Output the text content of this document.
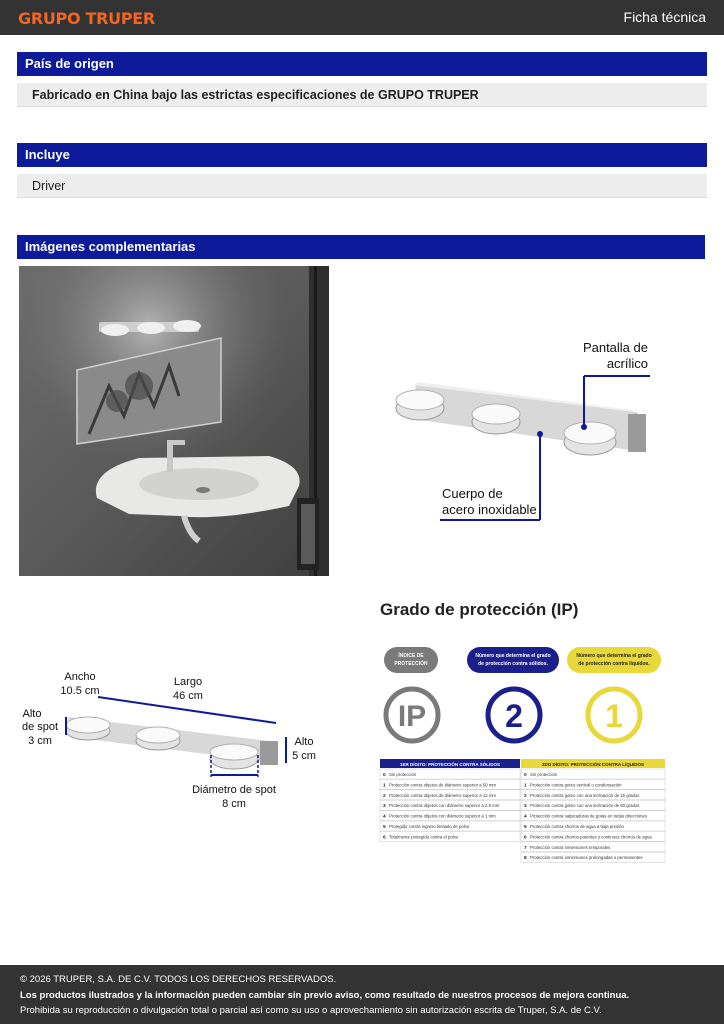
GRUPO TRUPER	Ficha técnica
País de origen
Fabricado en China bajo las estrictas especificaciones de GRUPO TRUPER
Incluye
Driver
Imágenes complementarias
Pantalla de
acrílico
Cuerpo de
acero inoxidable
Ancho
10.5 cm
Largo
46 cm
Alto
de spot
3 cm	Alto
5 cm
Diámetro de spot
8 cm
Grado de protección (IP)
ÍNDICE DE
PROTECCIÓN
Número que determina el grado
de protección contra sólidos.
Número que determina el grado
de protección contra líquidos.
IP 2	1
1ER DÍGITO: PROTECCIÓN CONTRA SÓLIDOS	2DO DÍGITO: PROTECCIÓN CONTRA LÍQUIDOS
0 Sin protección
1 Protección contra objetos de diámetro superior a 50 mm
2 Protección contra objetos de diámetro superior a 12 mm
3 Protección contra objetos con diámetro superior a 2.5 mm
4 Protección contra objetos con diámetro superior a 1 mm
5 Protegido contra ingreso limitado de polvo
6 Totalmente protegido contra el polvo
0 Sin protección
1 Protección contra goteo vertical o condensación
2 Protección contra goteo con una inclinación de 15 grados
3 Protección contra goteo con una inclinación de 60 grados
4 Protección contra salpicaduras de gotas en todas direcciones
5 Protección contra chorros de agua a baja presión
6 Protección contra chorros potentes y continuos chorros de agua
7 Protección contra inmersiones temporales
8 Protección contra inmersiones prolongadas o permanentes
© 2026 TRUPER, S.A. DE C.V. TODOS LOS DERECHOS RESERVADOS.
Los productos ilustrados y la información pueden cambiar sin previo aviso, como resultado de nuestros procesos de mejora continua.
Prohibida su reproducción o divulgación total o parcial así como su uso o aprovechamiento sin autorización escrita de Truper, S.A. de C.V.
